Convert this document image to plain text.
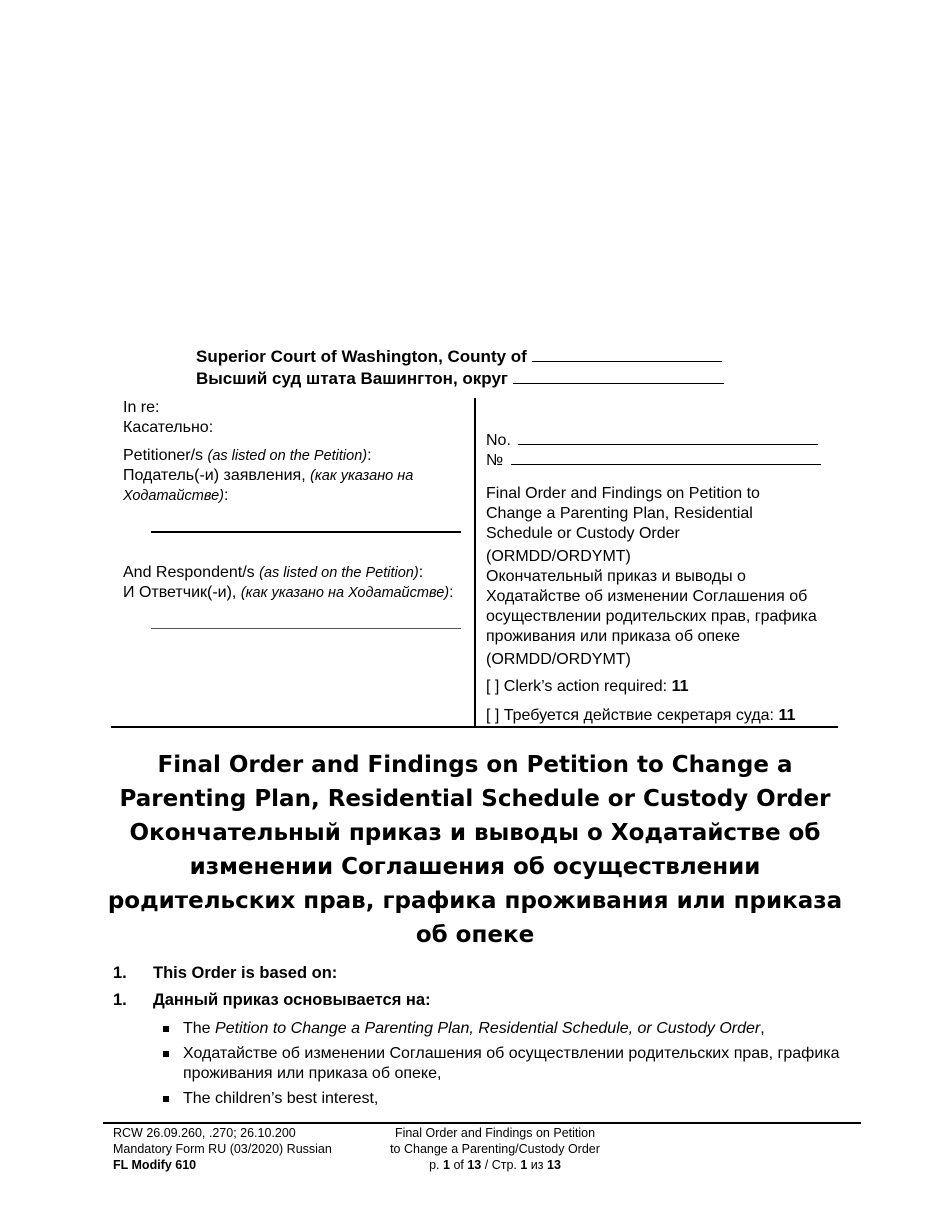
Superior Court of Washington, County of
Высший суд штата Вашингтон, округ
In re:
Касательно:
Petitioner/s (as listed on the Petition):
Податель(-и) заявления, (как указано на Ходатайстве):
And Respondent/s (as listed on the Petition):
И Ответчик(-и), (как указано на Ходатайстве):
No.
№
Final Order and Findings on Petition to Change a Parenting Plan, Residential Schedule or Custody Order
(ORMDD/ORDYMT)
Окончательный приказ и выводы о Ходатайстве об изменении Соглашения об осуществлении родительских прав, графика проживания или приказа об опеке
(ORMDD/ORDYMT)
[ ] Clerk’s action required: 11
[ ] Требуется действие секретаря суда: 11
Final Order and Findings on Petition to Change a Parenting Plan, Residential Schedule or Custody Order
Окончательный приказ и выводы о Ходатайстве об изменении Соглашения об осуществлении родительских прав, графика проживания или приказа об опеке
1. This Order is based on:
1. Данный приказ основывается на:
The Petition to Change a Parenting Plan, Residential Schedule, or Custody Order,
Ходатайстве об изменении Соглашения об осуществлении родительских прав, графика проживания или приказа об опеке,
The children’s best interest,
RCW 26.09.260, .270; 26.10.200
Mandatory Form RU (03/2020) Russian
FL Modify 610
Final Order and Findings on Petition
to Change a Parenting/Custody Order
p. 1 of 13 / Стр. 1 из 13
